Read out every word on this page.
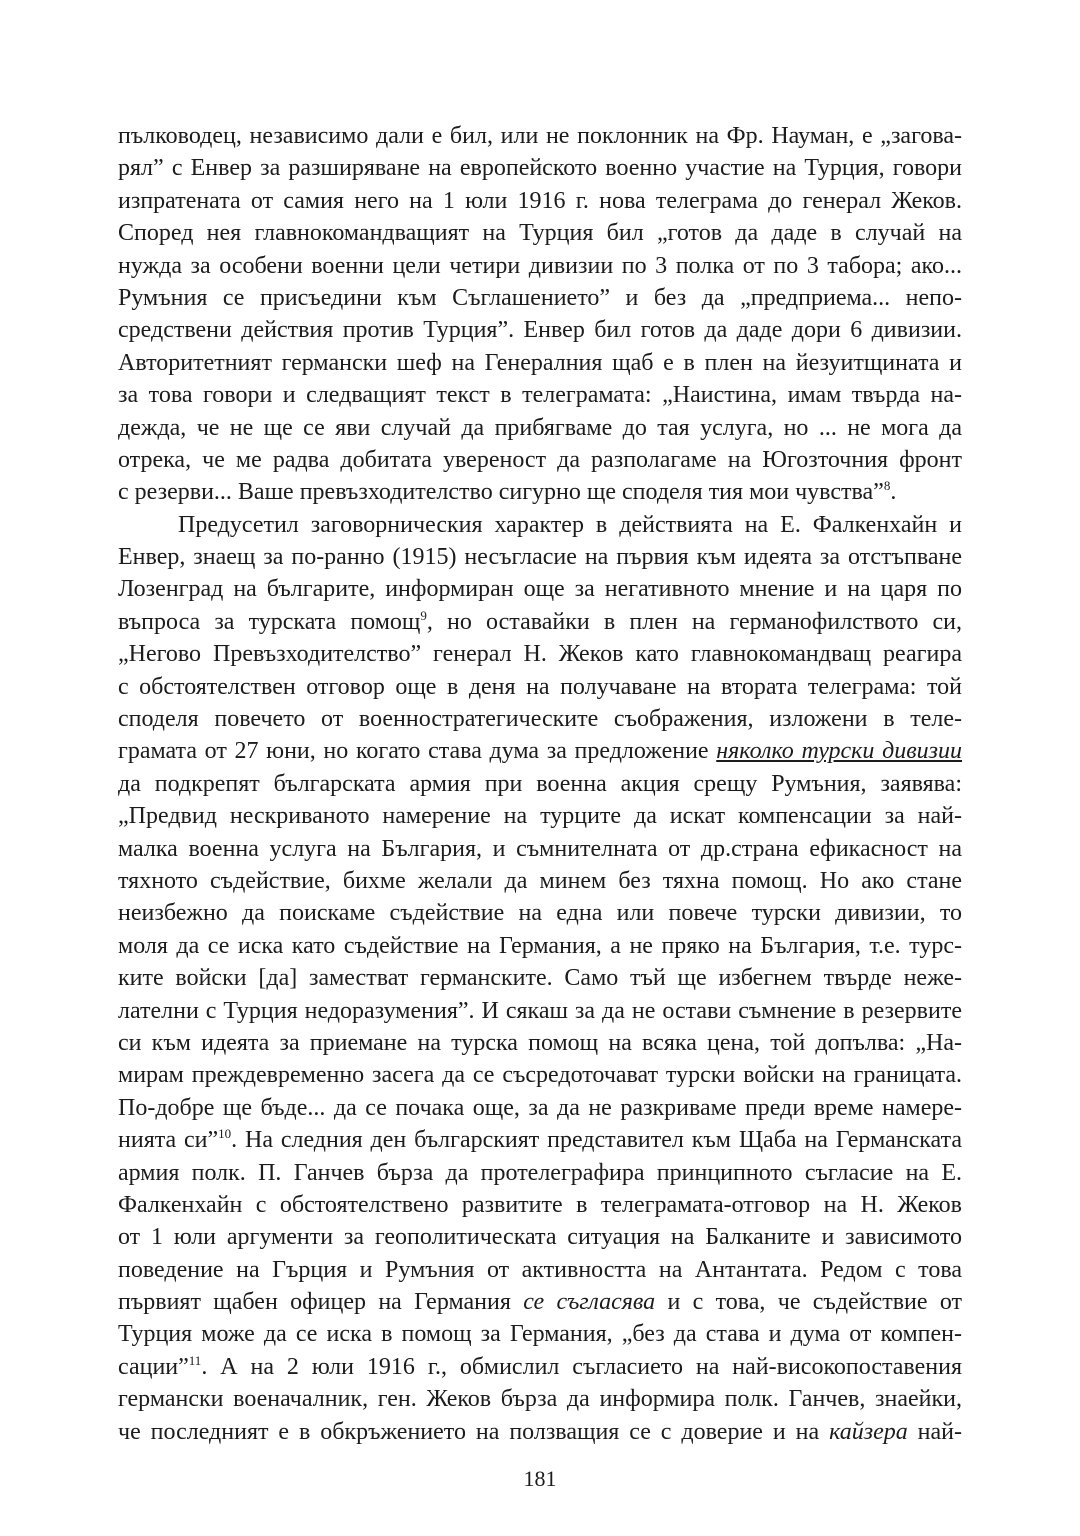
пълководец, независимо дали е бил, или не поклонник на Фр. Науман, е „загова-
рял” с Енвер за разширяване на европейското военно участие на Турция, говори
изпратената от самия него на 1 юли 1916 г. нова телеграма до генерал Жеков.
Според нея главнокомандващият на Турция бил „готов да даде в случай на
нужда за особени военни цели четири дивизии по 3 полка от по 3 табора; ако...
Румъния се присъедини към Съглашението” и без да „предприема... непо-
средствени действия против Турция”. Енвер бил готов да даде дори 6 дивизии.
Авторитетният германски шеф на Генералния щаб е в плен на йезуитщината и
за това говори и следващият текст в телеграмата: „Наистина, имам твърда на-
дежда, че не ще се яви случай да прибягваме до тая услуга, но ... не мога да
отрека, че ме радва добитата увереност да разполагаме на Югозточния фронт
с резерви... Ваше превъзходителство сигурно ще споделя тия мои чувства”$^8$.
Предусетил заговорническия характер в действията на Е. Фалкенхайн и
Енвер, знаещ за по-ранно (1915) несъгласие на първия към идеята за отстъпване
Лозенград на българите, информиран още за негативното мнение и на царя по
въпроса за турската помощ$^9$, но оставайки в плен на германофилството си,
„Негово Превъзходителство” генерал Н. Жеков като главнокомандващ реагира
с обстоятелствен отговор още в деня на получаване на втората телеграма: той
споделя повечето от военностратегическите съображения, изложени в теле-
грамата от 27 юни, но когато става дума за предложение няколко турски дивизии
да подкрепят българската армия при военна акция срещу Румъния, заявява:
„Предвид нескриваното намерение на турците да искат компенсации за най-
малка военна услуга на България, и съмнителната от др.страна ефикасност на
тяхното съдействие, бихме желали да минем без тяхна помощ. Но ако стане
неизбежно да поискаме съдействие на една или повече турски дивизии, то
моля да се иска като съдействие на Германия, а не пряко на България, т.е. турс-
ките войски [да] заместват германските. Само тъй ще избегнем твърде нeже-
лателни с Турция недоразумения”. И сякаш за да не остави съмнение в резервите
си към идеята за приемане на турска помощ на всяка цена, той допълва: „На-
мирам преждевременно засега да се съсредоточават турски войски на границата.
По-добре ще бъде... да се почака още, за да не разкриваме преди време намере-
нията си”$^{10}$. На следния ден българският представител към Щаба на Германската
армия полк. П. Ганчев бърза да протелеграфира принципното съгласие на Е.
Фалкенхайн с обстоятелствено развитите в телеграмата-отговор на Н. Жеков
от 1 юли аргументи за геополитическата ситуация на Балканите и зависимото
поведение на Гърция и Румъния от активността на Антантата. Редом с това
първият щабен офицер на Германия се съгласява и с това, че съдействие от
Турция може да се иска в помощ за Германия, „без да става и дума от компен-
сации”$^{11}$. А на 2 юли 1916 г., обмислил съгласието на най-високопоставения
германски военачалник, ген. Жеков бърза да информира полк. Ганчев, знаейки,
че последният е в обкръжението на ползващия се с доверие и на кайзера най-
181
